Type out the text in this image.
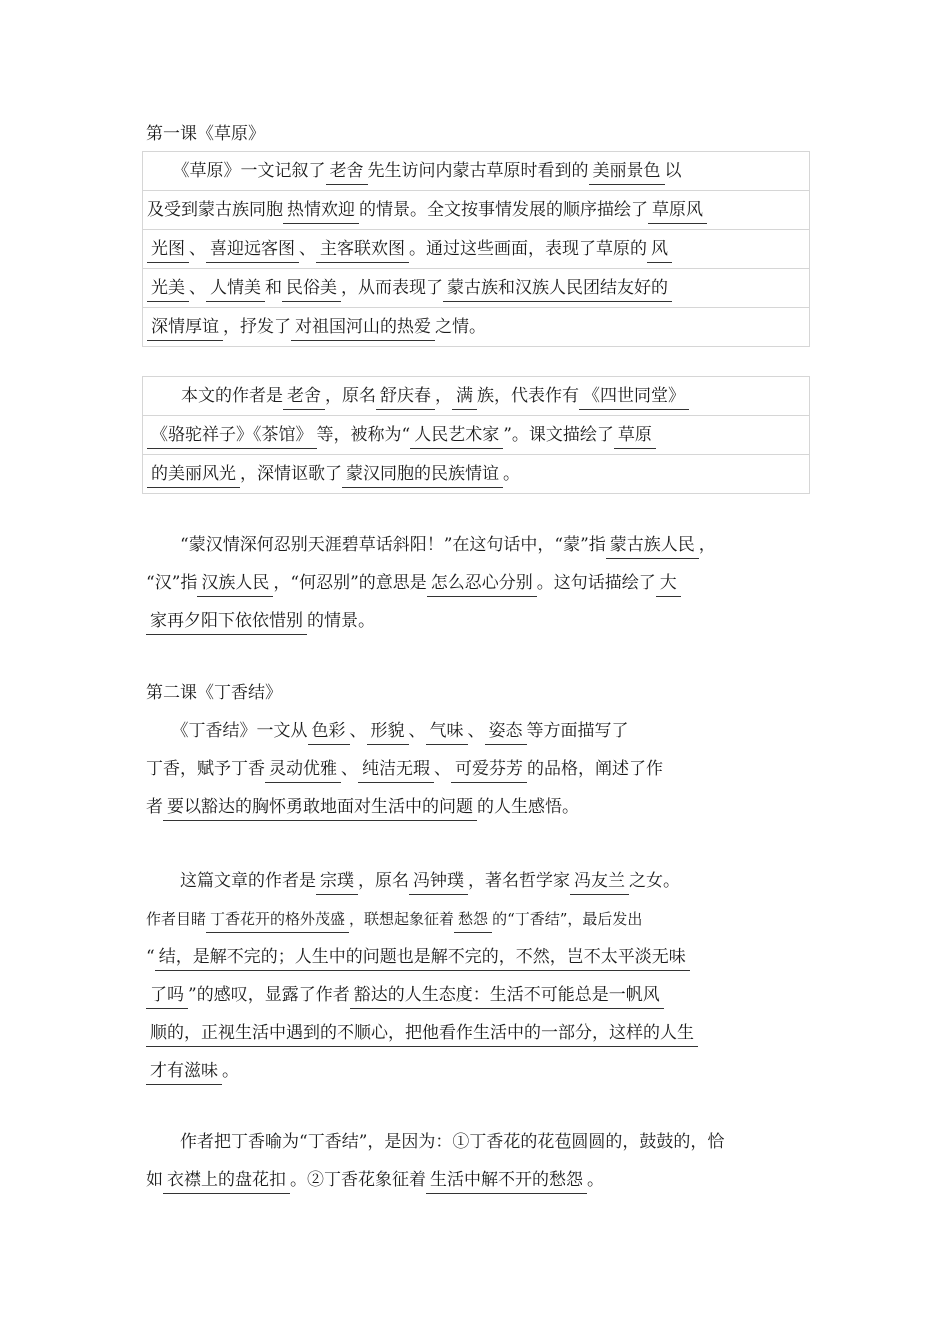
第一课《草原》
　　《草原》一文记叙了 老舍 先生访问内蒙古草原时看到的 美丽景色 以
及受到蒙古族同胞 热情欢迎 的情景。全文按事情发展的顺序描绘了 草原风
光图 、 喜迎远客图 、 主客联欢图 。通过这些画面，表现了草原的 风
光美 、 人情美 和 民俗美 ，从而表现了 蒙古族和汉族人民团结友好的
深情厚谊 ，抒发了 对祖国河山的热爱 之情。
　　本文的作者是 老舍 ，原名 舒庆春 ， 满 族，代表作有 《四世同堂》
《骆驼祥子》《茶馆》 等，被称为“ 人民艺术家 ”。课文描绘了 草原
的美丽风光 ，深情讴歌了 蒙汉同胞的民族情谊 。
　　“蒙汉情深何忍别天涯碧草话斜阳！”在这句话中，“蒙”指 蒙古族人民 ，
“汉”指 汉族人民 ，“何忍别”的意思是 怎么忍心分别 。这句话描绘了 大
家再夕阳下依依惜别 的情景。
第二课《丁香结》
　　《丁香结》一文从 色彩 、 形貌 、 气味 、 姿态 等方面描写了
丁香，赋予丁香 灵动优雅 、 纯洁无瑕 、 可爱芬芳 的品格，阐述了作
者 要以豁达的胸怀勇敢地面对生活中的问题 的人生感悟。
　　这篇文章的作者是 宗璞 ，原名 冯钟璞 ，著名哲学家 冯友兰 之女。
作者目睹 丁香花开的格外茂盛 ，联想起象征着 愁怨 的“丁香结”，最后发出
“ 结，是解不完的；人生中的问题也是解不完的，不然，岂不太平淡无味
了吗 ”的感叹，显露了作者 豁达的人生态度：生活不可能总是一帆风
顺的，正视生活中遇到的不顺心，把他看作生活中的一部分，这样的人生
才有滋味 。
　　作者把丁香喻为“丁香结”，是因为：①丁香花的花苞圆圆的，鼓鼓的，恰
如 衣襟上的盘花扣 。②丁香花象征着 生活中解不开的愁怨 。
